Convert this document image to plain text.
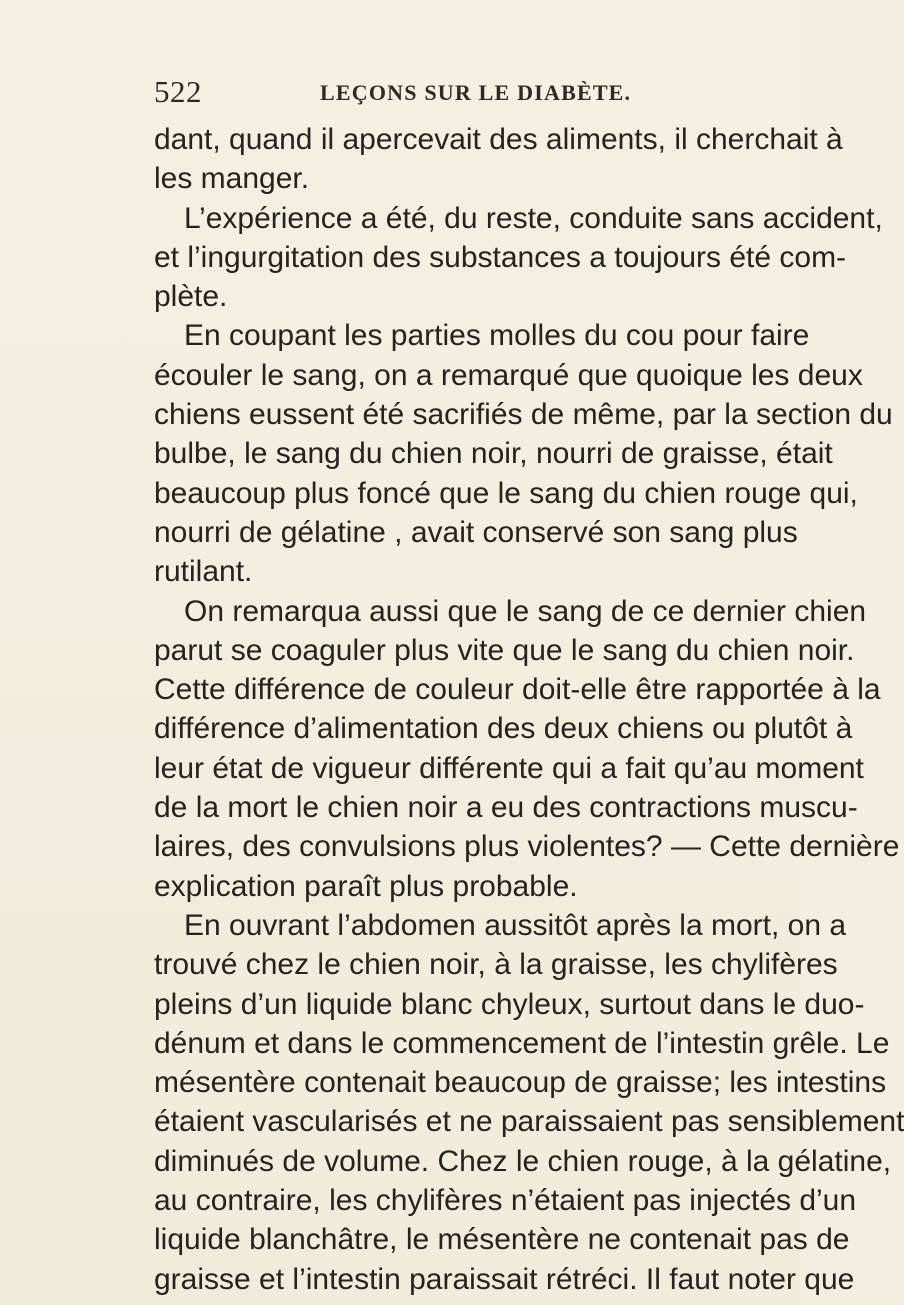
522	LEÇONS SUR LE DIABÈTE.
dant, quand il apercevait des aliments, il cherchait à
les manger.
L’expérience a été, du reste, conduite sans accident,
et l’ingurgitation des substances a toujours été com-
plète.
En coupant les parties molles du cou pour faire
écouler le sang, on a remarqué que quoique les deux
chiens eussent été sacrifiés de même, par la section du
bulbe, le sang du chien noir, nourri de graisse, était
beaucoup plus foncé que le sang du chien rouge qui,
nourri de gélatine , avait conservé son sang plus
rutilant.
On remarqua aussi que le sang de ce dernier chien
parut se coaguler plus vite que le sang du chien noir.
Cette différence de couleur doit-elle être rapportée à la
différence d’alimentation des deux chiens ou plutôt à
leur état de vigueur différente qui a fait qu’au moment
de la mort le chien noir a eu des contractions muscu-
laires, des convulsions plus violentes? — Cette dernière
explication paraît plus probable.
En ouvrant l’abdomen aussitôt après la mort, on a
trouvé chez le chien noir, à la graisse, les chylifères
pleins d’un liquide blanc chyleux, surtout dans le duo-
dénum et dans le commencement de l’intestin grêle. Le
mésentère contenait beaucoup de graisse; les intestins
étaient vascularisés et ne paraissaient pas sensiblement
diminués de volume. Chez le chien rouge, à la gélatine,
au contraire, les chylifères n’étaient pas injectés d’un
liquide blanchâtre, le mésentère ne contenait pas de
graisse et l’intestin paraissait rétréci. Il faut noter que
